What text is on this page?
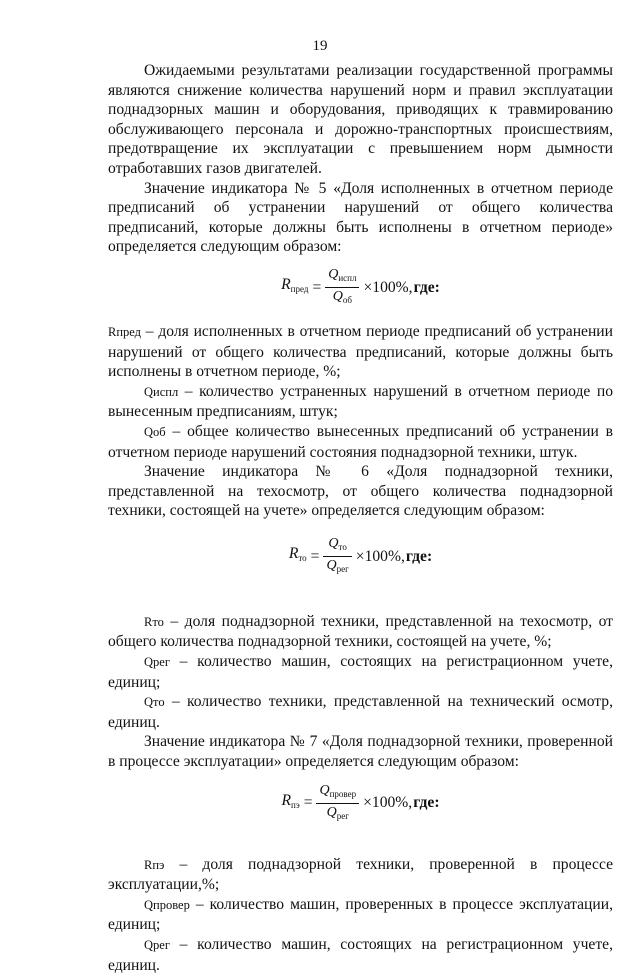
19

Ожидаемыми результатами реализации государственной программы являются снижение количества нарушений норм и правил эксплуатации поднадзорных машин и оборудования, приводящих к травмированию обслуживающего персонала и дорожно-транспортных происшествиям, предотвращение их эксплуатации с превышением норм дымности отработавших газов двигателей.

Значение индикатора № 5 «Доля исполненных в отчетном периоде предписаний об устранении нарушений от общего количества предписаний, которые должны быть исполнены в отчетном периоде» определяется следующим образом:

$R_{пред} = \frac{Q_{испл}}{Q_{об}} \times 100\%$, где:

Rпред – доля исполненных в отчетном периоде предписаний об устранении нарушений от общего количества предписаний, которые должны быть исполнены в отчетном периоде, %;

Qиспл – количество устраненных нарушений в отчетном периоде по вынесенным предписаниям, штук;

Qоб – общее количество вынесенных предписаний об устранении в отчетном периоде нарушений состояния поднадзорной техники, штук.

Значение индикатора № 6 «Доля поднадзорной техники, представленной на техосмотр, от общего количества поднадзорной техники, состоящей на учете» определяется следующим образом:

$R_{то} = \frac{Q_{то}}{Q_{рег}} \times 100\%$, где:

Rто – доля поднадзорной техники, представленной на техосмотр, от общего количества поднадзорной техники, состоящей на учете, %;

Qрег – количество машин, состоящих на регистрационном учете, единиц;

Qто – количество техники, представленной на технический осмотр, единиц.

Значение индикатора № 7 «Доля поднадзорной техники, проверенной в процессе эксплуатации» определяется следующим образом:

$R_{пэ} = \frac{Q_{провер}}{Q_{рег}} \times 100\%$, где:

Rпэ – доля поднадзорной техники, проверенной в процессе эксплуатации,%;

Qпровер – количество машин, проверенных в процессе эксплуатации, единиц;

Qрег – количество машин, состоящих на регистрационном учете, единиц.
